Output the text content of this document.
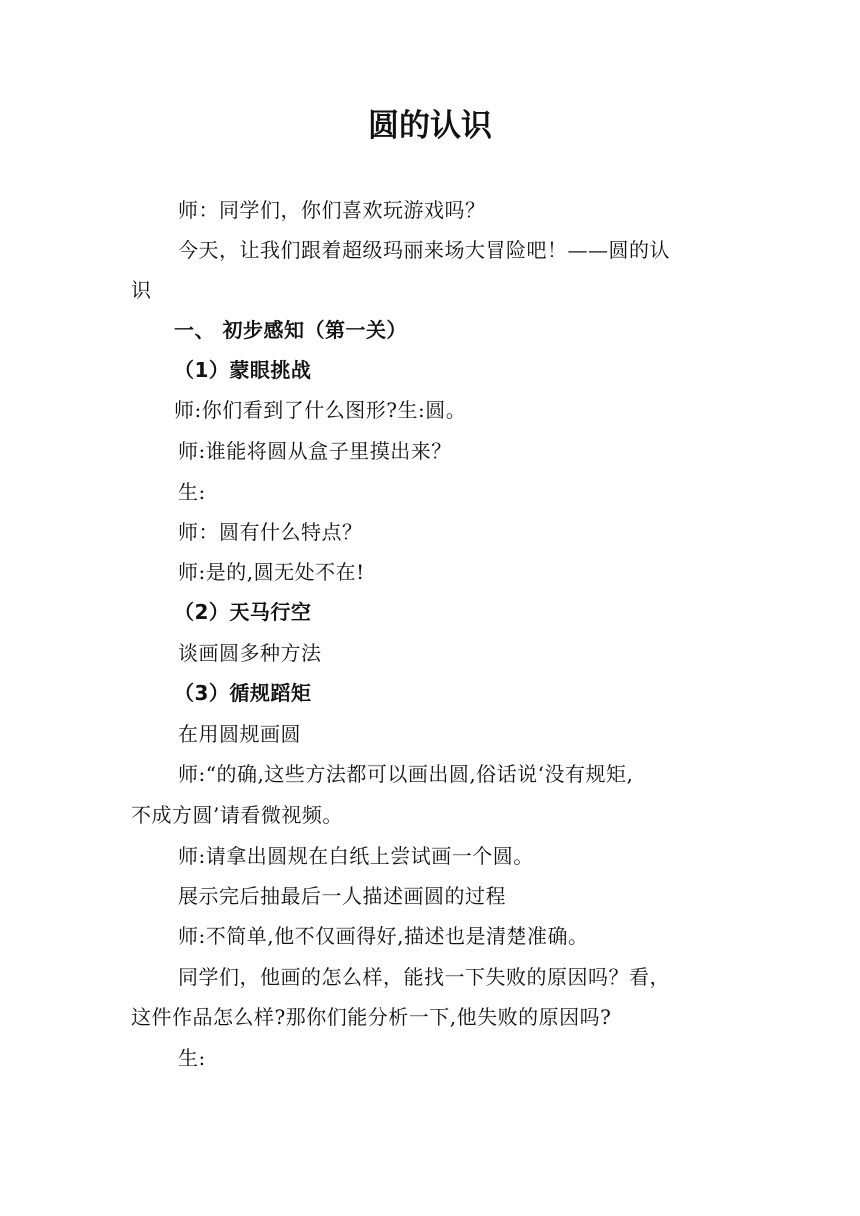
圆的认识
师：同学们，你们喜欢玩游戏吗？
今天，让我们跟着超级玛丽来场大冒险吧！——圆的认
识
一、 初步感知（第一关）
（1）蒙眼挑战
师:你们看到了什么图形?生:圆。
师:谁能将圆从盒子里摸出来？
生:
师：圆有什么特点？
师:是的,圆无处不在!
（2）天马行空
谈画圆多种方法
（3）循规蹈矩
在用圆规画圆
师:“的确,这些方法都可以画出圆,俗话说‘没有规矩,
不成方圆’请看微视频。
师:请拿出圆规在白纸上尝试画一个圆。
展示完后抽最后一人描述画圆的过程
师:不简单,他不仅画得好,描述也是清楚准确。
同学们，他画的怎么样，能找一下失败的原因吗？看，
这件作品怎么样?那你们能分析一下,他失败的原因吗?
生:
